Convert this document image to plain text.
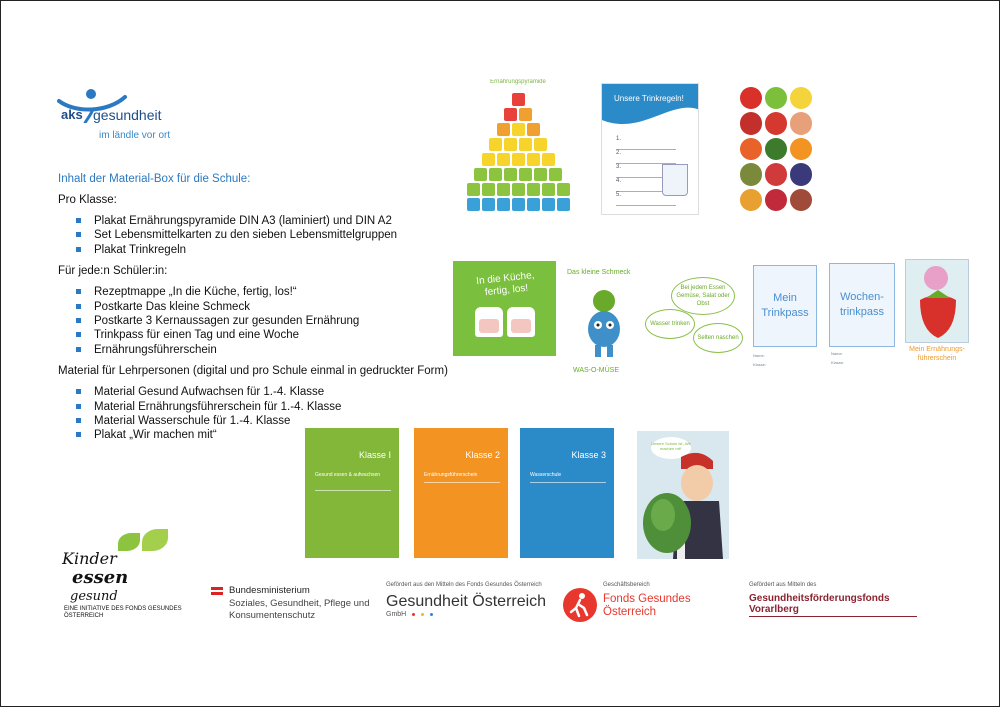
aks gesundheit
im ländle vor ort
Inhalt der Material-Box für die Schule:

Pro Klasse:

Plakat Ernährungspyramide DIN A3 (laminiert) und DIN A2
Set Lebensmittelkarten zu den sieben Lebensmittelgruppen
Plakat Trinkregeln

Für jede:n Schüler:in:

Rezeptmappe „In die Küche, fertig, los!“
Postkarte Das kleine Schmeck
Postkarte 3 Kernaussagen zur gesunden Ernährung
Trinkpass für einen Tag und eine Woche
Ernährungsführerschein

Material für Lehrpersonen (digital und pro Schule einmal in gedruckter Form)

Material Gesund Aufwachsen für 1.-4. Klasse
Material Ernährungsführerschein für 1.-4. Klasse
Material Wasserschule für 1.-4. Klasse
Plakat „Wir machen mit“
Ernährungspyramide
Unsere Trinkregeln!
1.
2.
3.
4.
5.
In die Küche, fertig, los!
Das kleine Schmeck
WAS-O-MÜSE
Bei jedem Essen Gemüse, Salat oder Obst
Wasser trinken
Selten naschen
Mein Trinkpass
Name:
Klasse:
Wochen-trinkpass
Name:
Klasse:
Mein Ernährungs-führerschein
Klasse I
Gesund essen & aufwachsen
Klasse 2
Ernährungsführerschein
Klasse 3
Wasserschule
Unsere Schule ist „Wir machen mit“
Kinder
essen
gesund
EINE INITIATIVE DES FONDS GESUNDES ÖSTERREICH
Bundesministerium
Soziales, Gesundheit, Pflege und Konsumentenschutz
Gefördert aus den Mitteln des Fonds Gesundes Österreich
Gesundheit Österreich
GmbH
Geschäftsbereich
Fonds Gesundes Österreich
Gefördert aus Mitteln des
Gesundheitsförderungsfonds Vorarlberg
